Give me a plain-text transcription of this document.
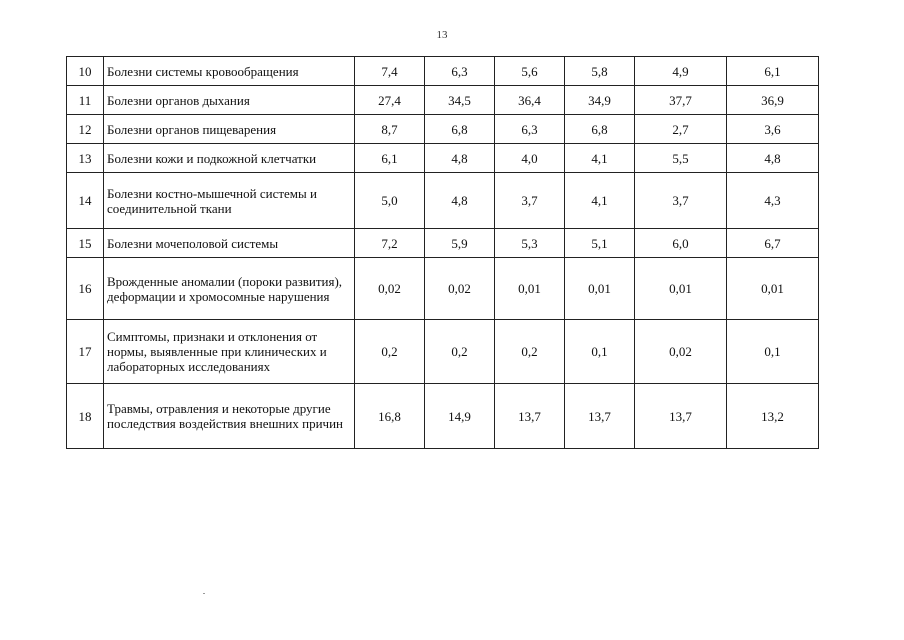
13
10	Болезни системы кровообращения	7,4	6,3	5,6	5,8	4,9	6,1
11	Болезни органов дыхания	27,4	34,5	36,4	34,9	37,7	36,9
12	Болезни органов пищеварения	8,7	6,8	6,3	6,8	2,7	3,6
13	Болезни кожи и подкожной клетчатки	6,1	4,8	4,0	4,1	5,5	4,8
14	Болезни костно-мышечной системы и соединительной ткани	5,0	4,8	3,7	4,1	3,7	4,3
15	Болезни мочеполовой системы	7,2	5,9	5,3	5,1	6,0	6,7
16	Врожденные аномалии (пороки развития), деформации и хромосомные нарушения	0,02	0,02	0,01	0,01	0,01	0,01
17	Симптомы, признаки и отклонения от нормы, выявленные при клинических и лабораторных исследованиях	0,2	0,2	0,2	0,1	0,02	0,1
18	Травмы, отравления и некоторые другие последствия воздействия внешних причин	16,8	14,9	13,7	13,7	13,7	13,2
